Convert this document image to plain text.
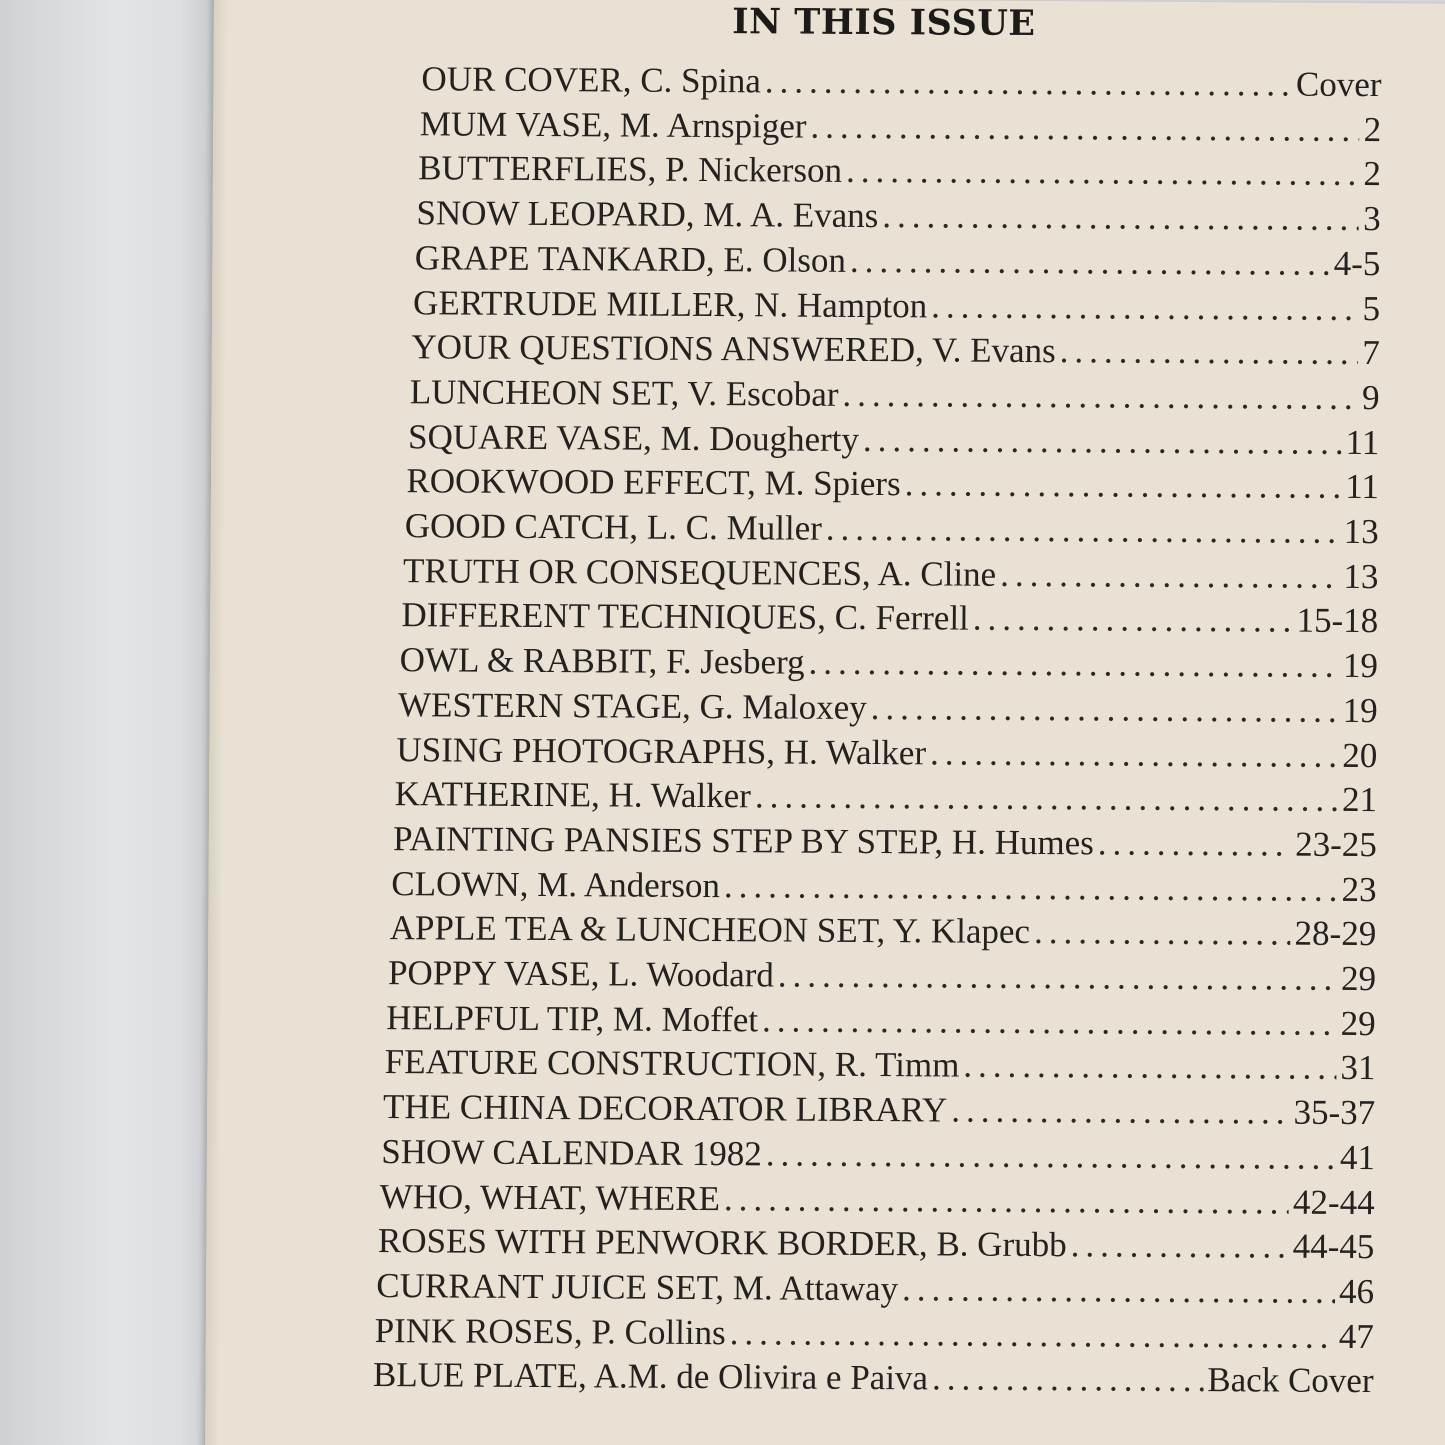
IN THIS ISSUE
OUR COVER, C. Spina .....	Cover
MUM VASE, M. Arnspiger .....	2
BUTTERFLIES, P. Nickerson .....	2
SNOW LEOPARD, M. A. Evans .....	3
GRAPE TANKARD, E. Olson .....	4-5
GERTRUDE MILLER, N. Hampton .....	5
YOUR QUESTIONS ANSWERED, V. Evans .....	7
LUNCHEON SET, V. Escobar .....	9
SQUARE VASE, M. Dougherty .....	11
ROOKWOOD EFFECT, M. Spiers .....	11
GOOD CATCH, L. C. Muller .....	13
TRUTH OR CONSEQUENCES, A. Cline .....	13
DIFFERENT TECHNIQUES, C. Ferrell .....	15-18
OWL & RABBIT, F. Jesberg .....	19
WESTERN STAGE, G. Maloxey .....	19
USING PHOTOGRAPHS, H. Walker .....	20
KATHERINE, H. Walker .....	21
PAINTING PANSIES STEP BY STEP, H. Humes .....	23-25
CLOWN, M. Anderson .....	23
APPLE TEA & LUNCHEON SET, Y. Klapec .....	28-29
POPPY VASE, L. Woodard .....	29
HELPFUL TIP, M. Moffet .....	29
FEATURE CONSTRUCTION, R. Timm .....	31
THE CHINA DECORATOR LIBRARY .....	35-37
SHOW CALENDAR 1982 .....	41
WHO, WHAT, WHERE .....	42-44
ROSES WITH PENWORK BORDER, B. Grubb .....	44-45
CURRANT JUICE SET, M. Attaway .....	46
PINK ROSES, P. Collins .....	47
BLUE PLATE, A.M. de Olivira e Paiva .....	Back Cover
